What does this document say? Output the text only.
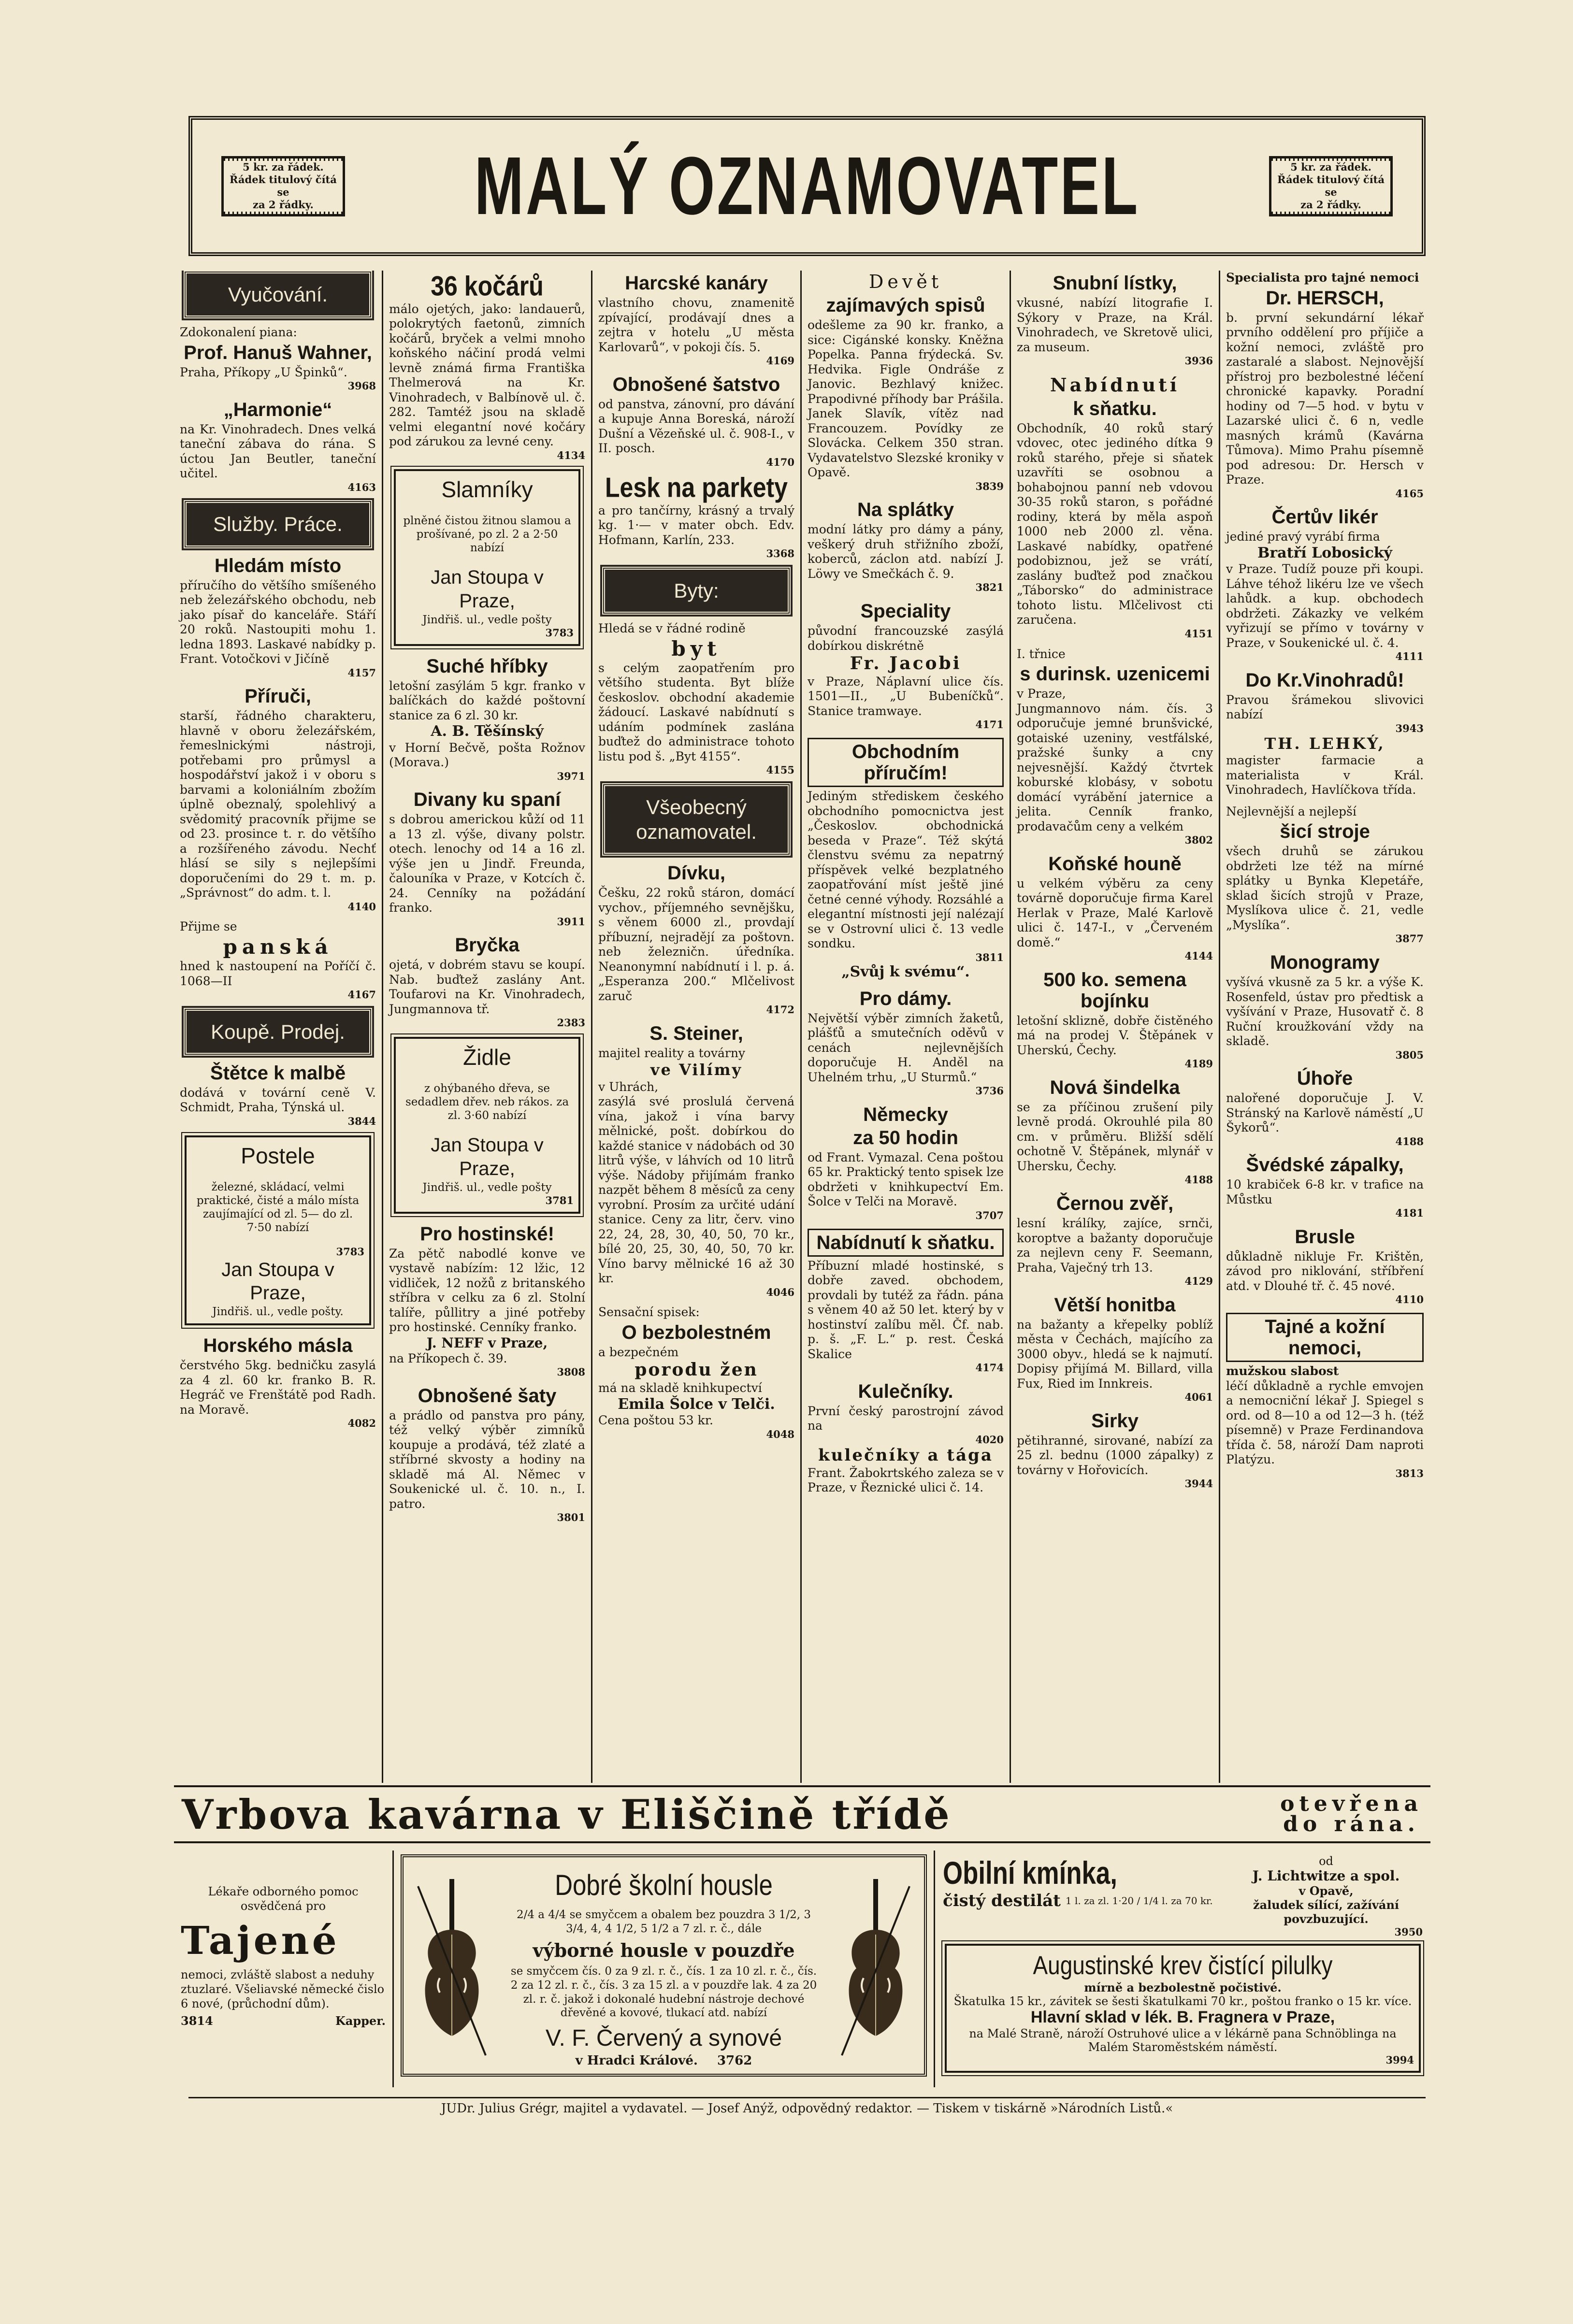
5 kr. za řádek.
Řádek titulový čítá se
za 2 řádky.	MALÝ OZNAMOVATEL	5 kr. za řádek.
Řádek titulový čítá se
za 2 řádky.
Vyučování.

Zdokonalení piana:

Prof. Hanuš Wahner,

Praha, Příkopy „U Špinků“.

3968
„Harmonie“

na Kr. Vinohradech. Dnes velká taneční zábava do rána. S úctou Jan Beutler, taneční učitel.

4163
Služby. Práce.
Hledám místo

příručího do většího smíšeného neb železářského obchodu, neb jako písař do kanceláře. Stáří 20 roků. Nastoupiti mohu 1. ledna 1893. Laskavé nabídky p. Frant. Votočkovi v Jičíně

4157
Příruči,

starší, řádného charakteru, hlavně v oboru železářském, řemeslnickými nástroji, potřebami pro průmysl a hospodářství jakož i v oboru s barvami a koloniálním zbožím úplně obeznalý, spolehlivý a svědomitý pracovník přijme se od 23. prosince t. r. do většího a rozšířeného závodu. Nechť hlásí se sily s nejlepšími doporučeními do 29 t. m. p. „Správnost“ do adm. t. l.

4140

Přijme se

panská

hned k nastoupení na Poříčí č. 1068—II

4167
Koupě. Prodej.
Štětce k malbě

dodává v tovární ceně V. Schmidt, Praha, Týnská ul.

3844
Postele

železné, skládací, velmi praktické, čisté a málo místa zaujímající od zl. 5— do zl. 7·50 nabízí

3783
Jan Stoupa v Praze,
Jindřiš. ul., vedle pošty.
Horského másla

čerstvého 5kg. bedničku zasylá za 4 zl. 60 kr. franko B. R. Hegráč ve Frenštátě pod Radh. na Moravě.

4082
36 kočárů

málo ojetých, jako: landauerů, polokrytých faetonů, zimních kočárů, bryček a velmi mnoho koňského náčiní prodá velmi levně známá firma Františka Thelmerová na Kr. Vinohradech, v Balbínově ul. č. 282. Tamtéž jsou na skladě velmi elegantní nové kočáry pod zárukou za levné ceny.

4134
Slamníky

plněné čistou žitnou slamou a prošívané, po zl. 2 a 2·50 nabízí

Jan Stoupa v Praze,
Jindřiš. ul., vedle pošty
3783
Suché hříbky

letošní zasýlám 5 kgr. franko v balíčkách do každé poštovní stanice za 6 zl. 30 kr.

A. B. Těšínský

v Horní Bečvě, pošta Rožnov (Morava.)

3971
Divany ku spaní

s dobrou americkou kůží od 11 a 13 zl. výše, divany polstr. otech. lenochy od 14 a 16 zl. výše jen u Jindř. Freunda, čalouníka v Praze, v Kotcích č. 24. Cenníky na požádání franko.

3911
Bryčka

ojetá, v dobrém stavu se koupí. Nab. buďtež zaslány Ant. Toufarovi na Kr. Vinohradech, Jungmannova tř.

2383
Židle

z ohýbaného dřeva, se sedadlem dřev. neb rákos. za zl. 3·60 nabízí

Jan Stoupa v Praze,
Jindřiš. ul., vedle pošty
3781
Pro hostinské!

Za pětč nabodlé konve ve vystavě nabízím: 12 lžic, 12 vidliček, 12 nožů z britanského stříbra v celku za 6 zl. Stolní talíře, půllitry a jiné potřeby pro hostinské. Cenníky franko.

J. NEFF v Praze,

na Příkopech č. 39.

3808
Obnošené šaty

a prádlo od panstva pro pány, též velký výběr zimníků koupuje a prodává, též zlaté a stříbrné skvosty a hodiny na skladě má Al. Němec v Soukenické ul. č. 10. n., I. patro.

3801
Harcské kanáry

vlastního chovu, znamenitě zpívající, prodávají dnes a zejtra v hotelu „U města Karlovarů“, v pokoji čís. 5.

4169
Obnošené šatstvo

od panstva, zánovní, pro dávání a kupuje Anna Boreská, nároží Dušní a Vězeňské ul. č. 908-I., v II. posch.

4170
Lesk na parkety

a pro tančírny, krásný a trvalý kg. 1·— v mater obch. Edv. Hofmann, Karlín, 233.

3368
Byty:

Hledá se v řádné rodině

byt

s celým zaopatřením pro většího studenta. Byt blíže českoslov. obchodní akademie žádoucí. Laskavé nabídnutí s udáním podmínek zaslána buďtež do administrace tohoto listu pod š. „Byt 4155“.

4155
Všeobecný oznamovatel.
Dívku,

Češku, 22 roků stáron, domácí vychov., příjemného sevnějšku, s věnem 6000 zl., provdají příbuzní, nejradějí za poštovn. neb železničn. úředníka. Neanonymní nabídnutí i l. p. á. „Esperanza 200.“ Mlčelivost zaruč

4172
S. Steiner,

majitel reality a továrny

ve Vilímy

v Uhrách,

zasýlá své proslulá červená vína, jakož i vína barvy mělnické, pošt. dobírkou do každé stanice v nádobách od 30 litrů výše, v láhvích od 10 litrů výše. Nádoby přijímám franko nazpět během 8 měsíců za ceny vyrobní. Prosím za určité udání stanice. Ceny za litr, červ. vino 22, 24, 28, 30, 40, 50, 70 kr., bílé 20, 25, 30, 40, 50, 70 kr. Víno barvy mělnické 16 až 30 kr.

4046

Sensační spisek:

O bezbolestném

a bezpečném

porodu žen

má na skladě knihkupectví

Emila Šolce v Telči.

Cena poštou 53 kr.

4048
Devět
zajímavých spisů

odešleme za 90 kr. franko, a sice: Cigánské konsky. Kněžna Popelka. Panna frýdecká. Sv. Hedvika. Figle Ondráše z Janovic. Bezhlavý knižec. Prapodivné příhody bar Prášila. Janek Slavík, vítěz nad Francouzem. Povídky ze Slovácka. Celkem 350 stran. Vydavatelstvo Slezské kroniky v Opavě.

3839
Na splátky

modní látky pro dámy a pány, veškerý druh střižního zboží, koberců, záclon atd. nabízí J. Löwy ve Smečkách č. 9.

3821
Speciality

původní francouzské zasýlá dobírkou diskrétně

Fr. Jacobi

v Praze, Náplavní ulice čís. 1501—II., „U Bubeníčků“. Stanice tramwaye.

4171
Obchodním příručím!

Jediným střediskem českého obchodního pomocnictva jest „Českoslov. obchodnická beseda v Praze“. Též skýtá členstvu svému za nepatrný příspěvek velké bezplatného zaopatřování míst ještě jiné četné cenné výhody. Rozsáhlé a elegantní místnosti její nalézají se v Ostrovní ulici č. 13 vedle sondku.

3811
„Svůj k svému“.
Pro dámy.

Největší výběr zimních žaketů, plášťů a smutečních oděvů v cenách nejlevnějších doporučuje H. Anděl na Uhelném trhu, „U Sturmů.“

3736
Německy
za 50 hodin

od Frant. Vymazal. Cena poštou 65 kr. Praktický tento spisek lze obdržeti v knihkupectví Em. Šolce v Telči na Moravě.

3707
Nabídnutí k sňatku.

Příbuzní mladé hostinské, s dobře zaved. obchodem, provdali by tutéž za řádn. pána s věnem 40 až 50 let. který by v hostinství zalíbu měl. Čf. nab. p. š. „F. L.“ p. rest. Česká Skalice

4174
Kulečníky.

První český parostrojní závod na

4020
kulečníky a tága

Frant. Žabokrtského zaleza se v Praze, v Řeznické ulici č. 14.

Snubní lístky,

vkusné, nabízí litografie I. Sýkory v Praze, na Král. Vinohradech, ve Skretově ulici, za museum.

3936
Nabídnutí
k sňatku.

Obchodník, 40 roků starý vdovec, otec jediného dítka 9 roků starého, přeje si sňatek uzavříti se osobnou a bohabojnou panní neb vdovou 30-35 roků staron, s pořádné rodiny, která by měla aspoň 1000 neb 2000 zl. věna. Laskavé nabídky, opatřené podobiznou, jež se vrátí, zaslány buďtež pod značkou „Táborsko“ do administrace tohoto listu. Mlčelivost cti zaručena.

4151

I. třnice

s durinsk. uzenicemi

v Praze,

Jungmannovo nám. čís. 3 odporučuje jemné brunšvické, gotaiské uzeniny, vestfálské, pražské šunky a cny nejvesnější. Každý čtvrtek koburské klobásy, v sobotu domácí vyrábění jaternice a jelita. Cenník franko, prodavačům ceny a velkém

3802
Koňské houně

u velkém výběru za ceny továrně doporučuje firma Karel Herlak v Praze, Malé Karlově ulici č. 147-I., v „Červeném domě.“

4144
500 ko. semena bojínku

letošní sklizně, dobře čistěného má na prodej V. Štěpánek v Uherskú, Čechy.

4189
Nová šindelka

se za příčinou zrušení pily levně prodá. Okrouhlé pila 80 cm. v průměru. Bližší sdělí ochotně V. Štěpánek, mlynář v Uhersku, Čechy.

4188
Černou zvěř,

lesní králíky, zajíce, srnči, koroptve a bažanty doporučuje za nejlevn ceny F. Seemann, Praha, Vaječný trh 13.

4129
Větší honitba

na bažanty a křepelky poblíž města v Čechách, majícího za 3000 obyv., hledá se k najmutí. Dopisy přijímá M. Billard, villa Fux, Ried im Innkreis.

4061
Sirky

pětihranné, sirované, nabízí za 25 zl. bednu (1000 zápalky) z továrny v Hořovicích.

3944

Specialista pro tajné nemoci

Dr. HERSCH,

b. první sekundární lékař prvního oddělení pro příjiče a kožní nemoci, zvláště pro zastaralé a slabost. Nejnovější přístroj pro bezbolestné léčení chronické kapavky. Poradní hodiny od 7—5 hod. v bytu v Lazarské ulici č. 6 n, vedle masných krámů (Kavárna Tůmova). Mimo Prahu písemně pod adresou: Dr. Hersch v Praze.

4165
Čertův likér

jediné pravý vyrábí firma

Bratří Lobosický

v Praze. Tudíž pouze při koupi. Láhve téhož likéru lze ve všech lahůdk. a kup. obchodech obdržeti. Zákazky ve velkém vyřizují se přímo v továrny v Praze, v Soukenické ul. č. 4.

4111
Do Kr.Vinohradů!

Pravou šrámekou slivovici nabízí

3943
TH. LEHKÝ,

magister farmacie a materialista v Král. Vinohradech, Havlíčkova třída.

Nejlevnější a nejlepší

šicí stroje

všech druhů se zárukou obdržeti lze též na mírné splátky u Bynka Klepetáře, sklad šicích strojů v Praze, Myslíkova ulice č. 21, vedle „Myslíka“.

3877
Monogramy

vyšívá vkusně za 5 kr. a výše K. Rosenfeld, ústav pro předtisk a vyšívání v Praze, Husovatř č. 8 Ruční kroužkování vždy na skladě.

3805
Úhoře

nalořené doporučuje J. V. Stránský na Karlově náměstí „U Šykorů“.

4188
Švédské zápalky,

10 krabiček 6-8 kr. v trafice na Můstku

4181
Brusle

důkladně nikluje Fr. Krištěn, závod pro niklování, stříbření atd. v Dlouhé tř. č. 45 nové.

4110
Tajné a kožní nemoci,

mužskou slabost

léčí důkladně a rychle emvojen a nemocniční lékař J. Spiegel s ord. od 8—10 a od 12—3 h. (též písemně) v Praze Ferdinandova třída č. 58, nároží Dam naproti Platýzu.

3813
Vrbova kavárna v Eliščině třídě	otevřena
do rána.

Lékaře odborného pomoc osvědčená pro

Tajené

nemoci, zvláště slabost a neduhy ztuzlaré. Všeliavské německé čislo 6 nové, (průchodní dům).

3814	Kapper.
Dobré školní housle

2/4 a 4/4 se smyčcem a obalem bez pouzdra 3 1/2, 3 3/4, 4, 4 1/2, 5 1/2 a 7 zl. r. č., dále

výborné housle v pouzdře

se smyčcem čís. 0 za 9 zl. r. č., čís. 1 za 10 zl. r. č., čís. 2 za 12 zl. r. č., čís. 3 za 15 zl. a v pouzdře lak. 4 za 20 zl. r. č. jakož i dokonalé hudební nástroje dechové dřevěné a kovové, tlukací atd. nabízí

V. F. Červený a synové
v Hradci Králové. 3762
Obilní kmínka,
čistý destilát 1 l. za zl. 1·20 / 1/4 l. za 70 kr.
od
J. Lichtwitze a spol.
v Opavě,
žaludek sílící, zažívání povzbuzující.
3950
Augustinské krev čistící pilulky
mírně a bezbolestně počistivé.
Škatulka 15 kr., závitek se šesti škatulkami 70 kr., poštou franko o 15 kr. více.
Hlavní sklad v lék. B. Fragnera v Praze,
na Malé Straně, nároží Ostruhové ulice a v lékárně pana Schnöblinga na Malém Staroměstském náměstí.
3994
JUDr. Julius Grégr, majitel a vydavatel. — Josef Anýž, odpovědný redaktor. — Tiskem v tiskárně »Národních Listů.«
